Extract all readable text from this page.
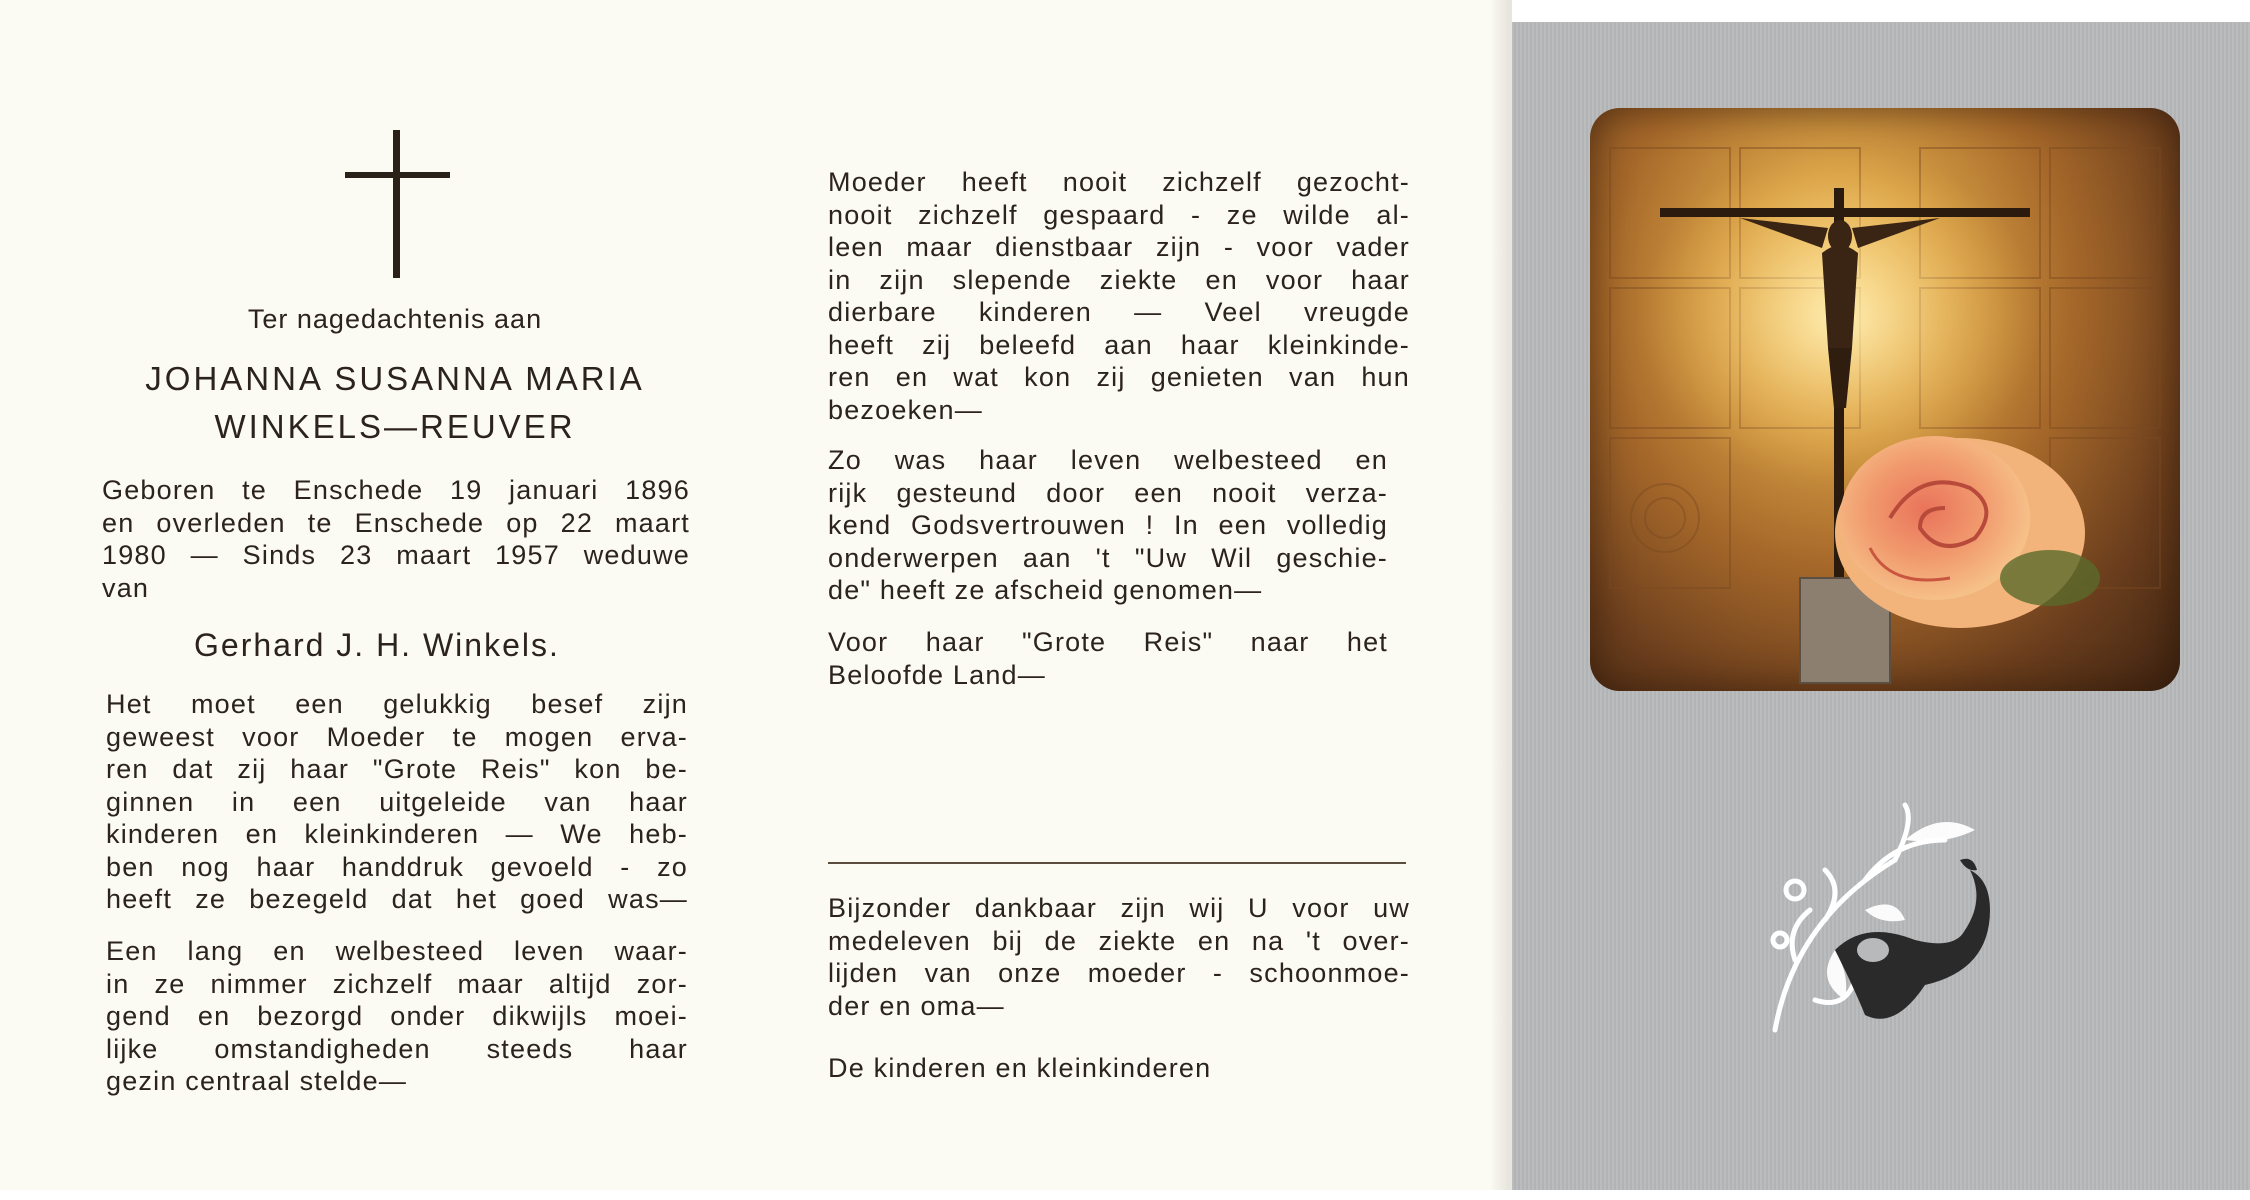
Ter nagedachtenis aan
JOHANNA SUSANNA MARIA
WINKELS—REUVER

Geboren te Enschede 19 januari 1896
en overleden te Enschede op 22 maart
1980 — Sinds 23 maart 1957 weduwe
van

Gerhard J. H. Winkels.

Het moet een gelukkig besef zijn
geweest voor Moeder te mogen erva-
ren dat zij haar "Grote Reis" kon be-
ginnen in een uitgeleide van haar
kinderen en kleinkinderen — We heb-
ben nog haar handdruk gevoeld - zo
heeft ze bezegeld dat het goed was—

Een lang en welbesteed leven waar-
in ze nimmer zichzelf maar altijd zor-
gend en bezorgd onder dikwijls moei-
lijke omstandigheden steeds haar
gezin centraal stelde—

Moeder heeft nooit zichzelf gezocht-
nooit zichzelf gespaard - ze wilde al-
leen maar dienstbaar zijn - voor vader
in zijn slepende ziekte en voor haar
dierbare kinderen — Veel vreugde
heeft zij beleefd aan haar kleinkinde-
ren en wat kon zij genieten van hun
bezoeken—

Zo was haar leven welbesteed en
rijk gesteund door een nooit verza-
kend Godsvertrouwen ! In een volledig
onderwerpen aan 't "Uw Wil geschie-
de" heeft ze afscheid genomen—

Voor haar "Grote Reis" naar het
Beloofde Land—

Bijzonder dankbaar zijn wij U voor uw
medeleven bij de ziekte en na 't over-
lijden van onze moeder - schoonmoe-
der en oma—

De kinderen en kleinkinderen
